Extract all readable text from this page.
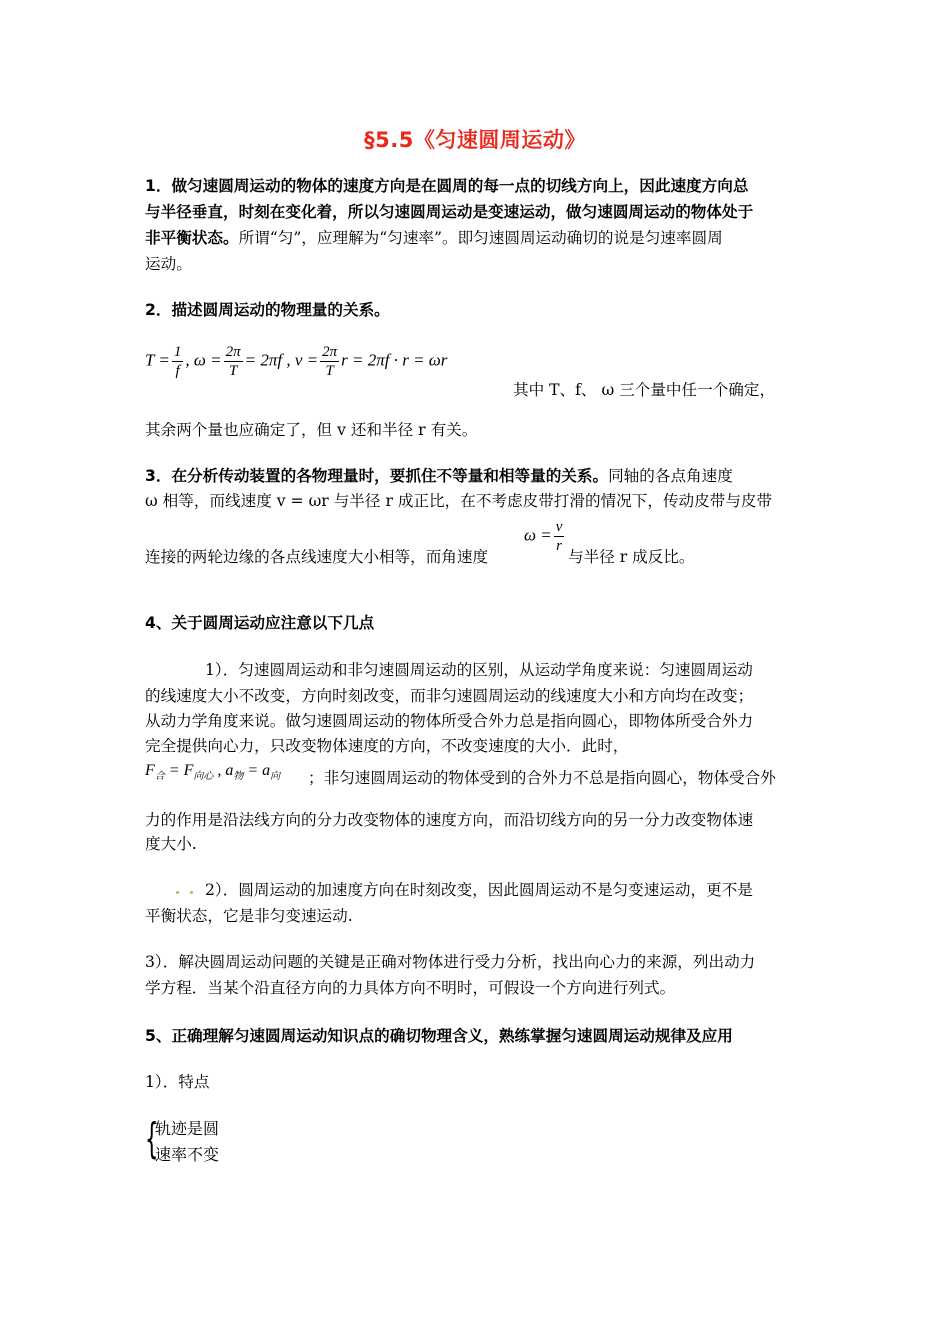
§5.5《匀速圆周运动》
1．做匀速圆周运动的物体的速度方向是在圆周的每一点的切线方向上，因此速度方向总
与半径垂直，时刻在变化着，所以匀速圆周运动是变速运动，做匀速圆周运动的物体处于
非平衡状态。所谓“匀”，应理解为“匀速率”。即匀速圆周运动确切的说是匀速率圆周
运动。
2．描述圆周运动的物理量的关系。
$T = \frac{1}{f}$ , $\omega = \frac{2\pi}{T} = 2\pi f$ , $v = \frac{2\pi}{T}$ r = 2πf · r = ωr
其中 T、f、 ω 三个量中任一个确定，
其余两个量也应确定了，但 v 还和半径 r 有关。
3．在分析传动装置的各物理量时，要抓住不等量和相等量的关系。同轴的各点角速度
ω 相等，而线速度 v = ωr 与半径 r 成正比，在不考虑皮带打滑的情况下，传动皮带与皮带
连接的两轮边缘的各点线速度大小相等，而角速度
$\omega = \frac{v}{r}$
与半径 r 成反比。
4、关于圆周运动应注意以下几点
1）．匀速圆周运动和非匀速圆周运动的区别，从运动学角度来说：匀速圆周运动
的线速度大小不改变，方向时刻改变，而非匀速圆周运动的线速度大小和方向均在改变；
从动力学角度来说。做匀速圆周运动的物体所受合外力总是指向圆心，即物体所受合外力
完全提供向心力，只改变物体速度的方向，不改变速度的大小．此时，
$F_合 = F_{向心}$ , $a_物 = a_向$ ；非匀速圆周运动的物体受到的合外力不总是指向圆心，物体受合外
力的作用是沿法线方向的分力改变物体的速度方向，而沿切线方向的另一分力改变物体速
度大小.
2）．圆周运动的加速度方向在时刻改变，因此圆周运动不是匀变速运动，更不是
平衡状态，它是非匀变速运动.
3）．解决圆周运动问题的关键是正确对物体进行受力分析，找出向心力的来源，列出动力
学方程．当某个沿直径方向的力具体方向不明时，可假设一个方向进行列式。
5、正确理解匀速圆周运动知识点的确切物理含义，熟练掌握匀速圆周运动规律及应用
1）．特点
{
轨迹是圆
速率不变
